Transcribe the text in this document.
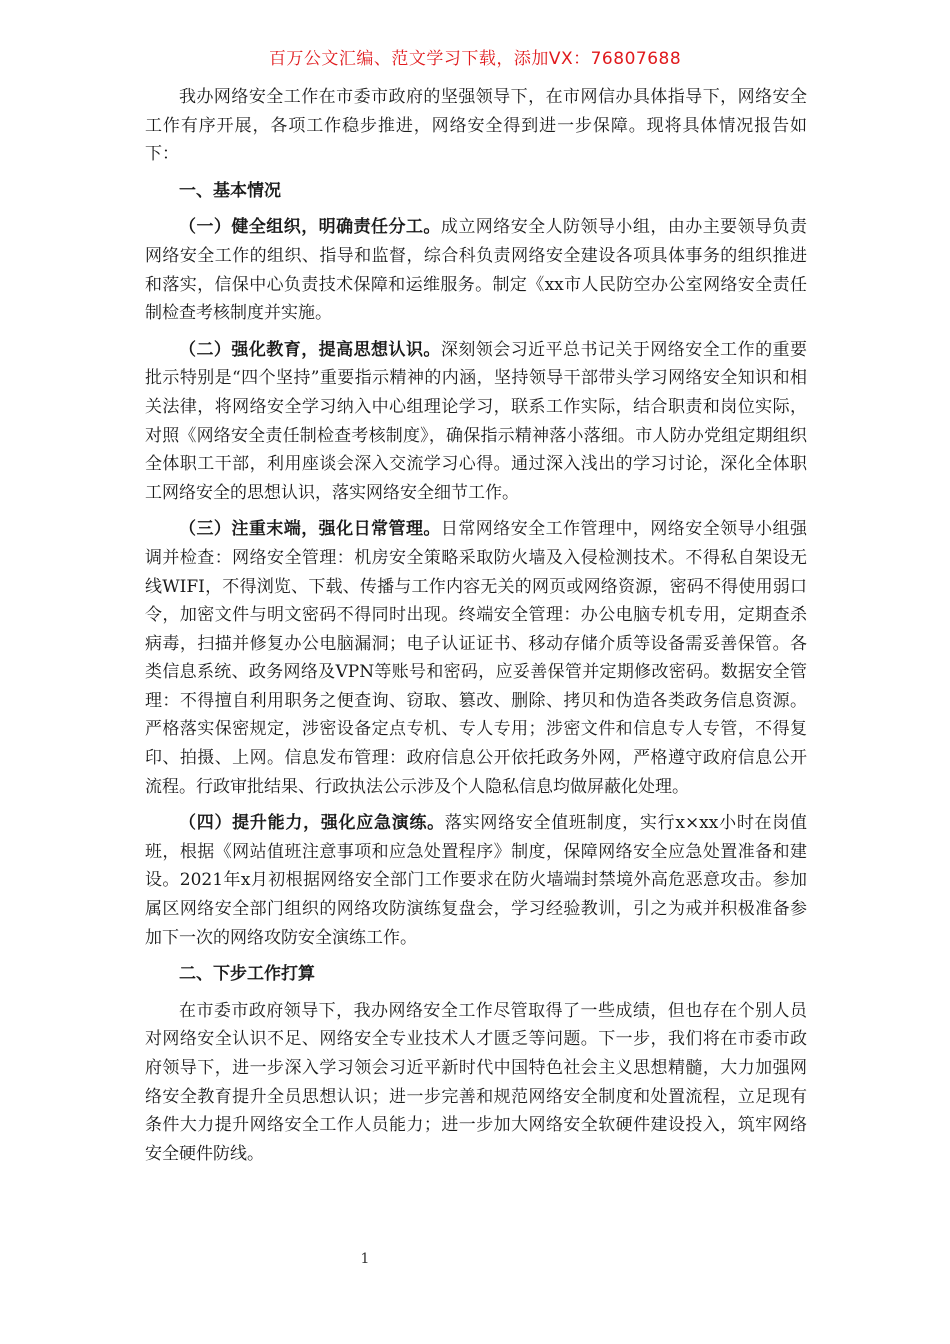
百万公文汇编、范文学习下载，添加VX：76807688

我办网络安全工作在市委市政府的坚强领导下，在市网信办具体指导下，网络安全工作有序开展，各项工作稳步推进，网络安全得到进一步保障。现将具体情况报告如下：

一、基本情况

（一）健全组织，明确责任分工。成立网络安全人防领导小组，由办主要领导负责网络安全工作的组织、指导和监督，综合科负责网络安全建设各项具体事务的组织推进和落实，信保中心负责技术保障和运维服务。制定《xx市人民防空办公室网络安全责任制检查考核制度并实施。

（二）强化教育，提高思想认识。深刻领会习近平总书记关于网络安全工作的重要批示特别是“四个坚持”重要指示精神的内涵，坚持领导干部带头学习网络安全知识和相关法律，将网络安全学习纳入中心组理论学习，联系工作实际，结合职责和岗位实际，对照《网络安全责任制检查考核制度》，确保指示精神落小落细。市人防办党组定期组织全体职工干部，利用座谈会深入交流学习心得。通过深入浅出的学习讨论，深化全体职工网络安全的思想认识，落实网络安全细节工作。

（三）注重末端，强化日常管理。日常网络安全工作管理中，网络安全领导小组强调并检查：网络安全管理：机房安全策略采取防火墙及入侵检测技术。不得私自架设无线WIFI，不得浏览、下载、传播与工作内容无关的网页或网络资源，密码不得使用弱口令，加密文件与明文密码不得同时出现。终端安全管理：办公电脑专机专用，定期查杀病毒，扫描并修复办公电脑漏洞；电子认证证书、移动存储介质等设备需妥善保管。各类信息系统、政务网络及VPN等账号和密码，应妥善保管并定期修改密码。数据安全管理：不得擅自利用职务之便查询、窃取、篡改、删除、拷贝和伪造各类政务信息资源。严格落实保密规定，涉密设备定点专机、专人专用；涉密文件和信息专人专管，不得复印、拍摄、上网。信息发布管理：政府信息公开依托政务外网，严格遵守政府信息公开流程。行政审批结果、行政执法公示涉及个人隐私信息均做屏蔽化处理。

（四）提升能力，强化应急演练。落实网络安全值班制度，实行x×xx小时在岗值班，根据《网站值班注意事项和应急处置程序》制度，保障网络安全应急处置准备和建设。2021年x月初根据网络安全部门工作要求在防火墙端封禁境外高危恶意攻击。参加属区网络安全部门组织的网络攻防演练复盘会，学习经验教训，引之为戒并积极准备参加下一次的网络攻防安全演练工作。

二、下步工作打算

在市委市政府领导下，我办网络安全工作尽管取得了一些成绩，但也存在个别人员对网络安全认识不足、网络安全专业技术人才匮乏等问题。下一步，我们将在市委市政府领导下，进一步深入学习领会习近平新时代中国特色社会主义思想精髓，大力加强网络安全教育提升全员思想认识；进一步完善和规范网络安全制度和处置流程，立足现有条件大力提升网络安全工作人员能力；进一步加大网络安全软硬件建设投入，筑牢网络安全硬件防线。

1
